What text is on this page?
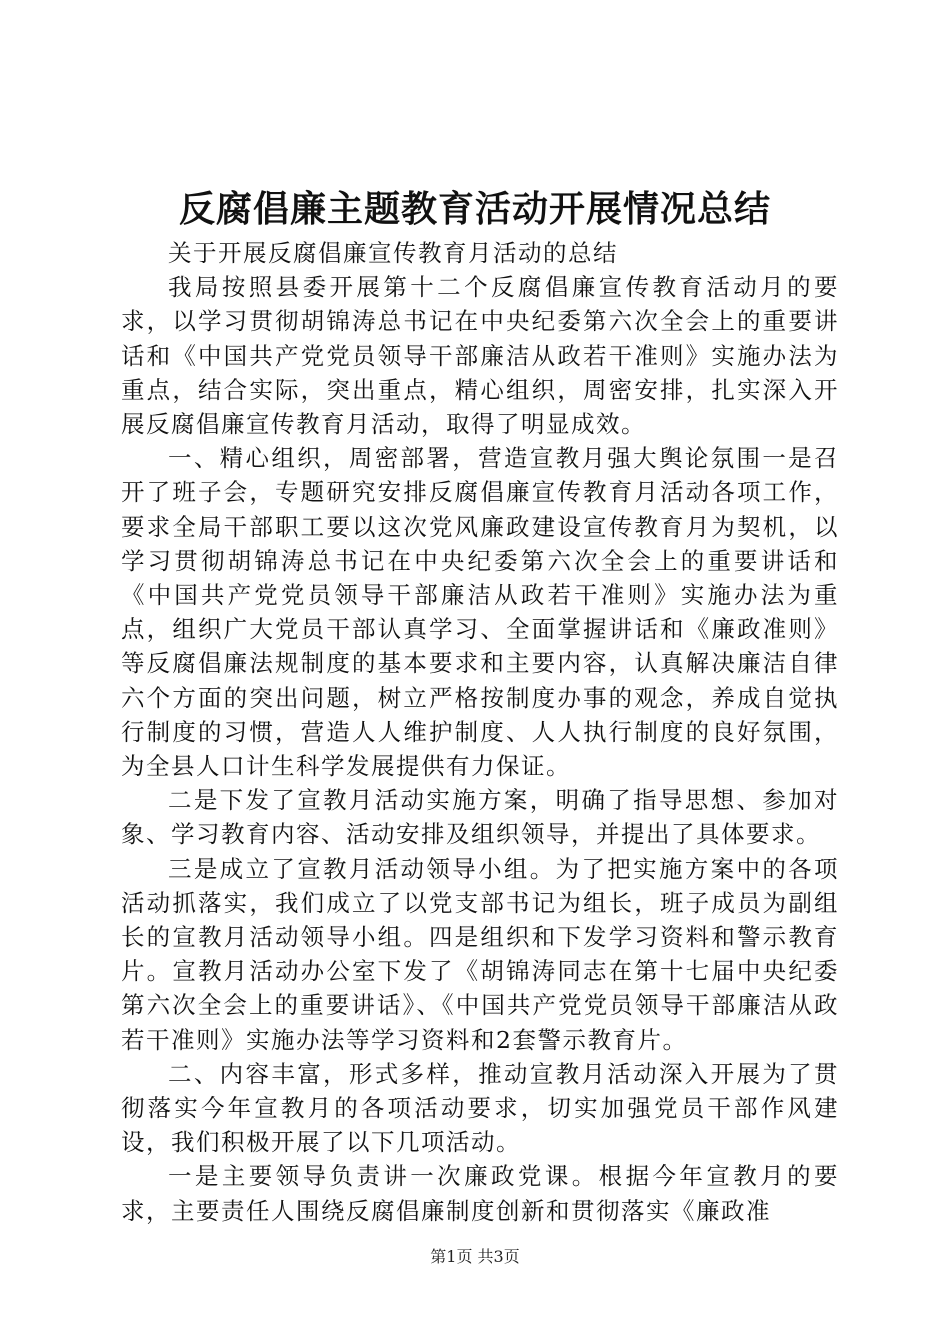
反腐倡廉主题教育活动开展情况总结

关于开展反腐倡廉宣传教育月活动的总结

我局按照县委开展第十二个反腐倡廉宣传教育活动月的要求，以学习贯彻胡锦涛总书记在中央纪委第六次全会上的重要讲话和《中国共产党党员领导干部廉洁从政若干准则》实施办法为重点，结合实际，突出重点，精心组织，周密安排，扎实深入开展反腐倡廉宣传教育月活动，取得了明显成效。

一、精心组织，周密部署，营造宣教月强大舆论氛围一是召开了班子会，专题研究安排反腐倡廉宣传教育月活动各项工作，要求全局干部职工要以这次党风廉政建设宣传教育月为契机，以学习贯彻胡锦涛总书记在中央纪委第六次全会上的重要讲话和《中国共产党党员领导干部廉洁从政若干准则》实施办法为重点，组织广大党员干部认真学习、全面掌握讲话和《廉政准则》等反腐倡廉法规制度的基本要求和主要内容，认真解决廉洁自律六个方面的突出问题，树立严格按制度办事的观念，养成自觉执行制度的习惯，营造人人维护制度、人人执行制度的良好氛围，为全县人口计生科学发展提供有力保证。

二是下发了宣教月活动实施方案，明确了指导思想、参加对象、学习教育内容、活动安排及组织领导，并提出了具体要求。

三是成立了宣教月活动领导小组。为了把实施方案中的各项活动抓落实，我们成立了以党支部书记为组长，班子成员为副组长的宣教月活动领导小组。四是组织和下发学习资料和警示教育片。宣教月活动办公室下发了《胡锦涛同志在第十七届中央纪委第六次全会上的重要讲话》、《中国共产党党员领导干部廉洁从政若干准则》实施办法等学习资料和2套警示教育片。

二、内容丰富，形式多样，推动宣教月活动深入开展为了贯彻落实今年宣教月的各项活动要求，切实加强党员干部作风建设，我们积极开展了以下几项活动。

一是主要领导负责讲一次廉政党课。根据今年宣教月的要求，主要责任人围绕反腐倡廉制度创新和贯彻落实《廉政准

第1页 共3页
